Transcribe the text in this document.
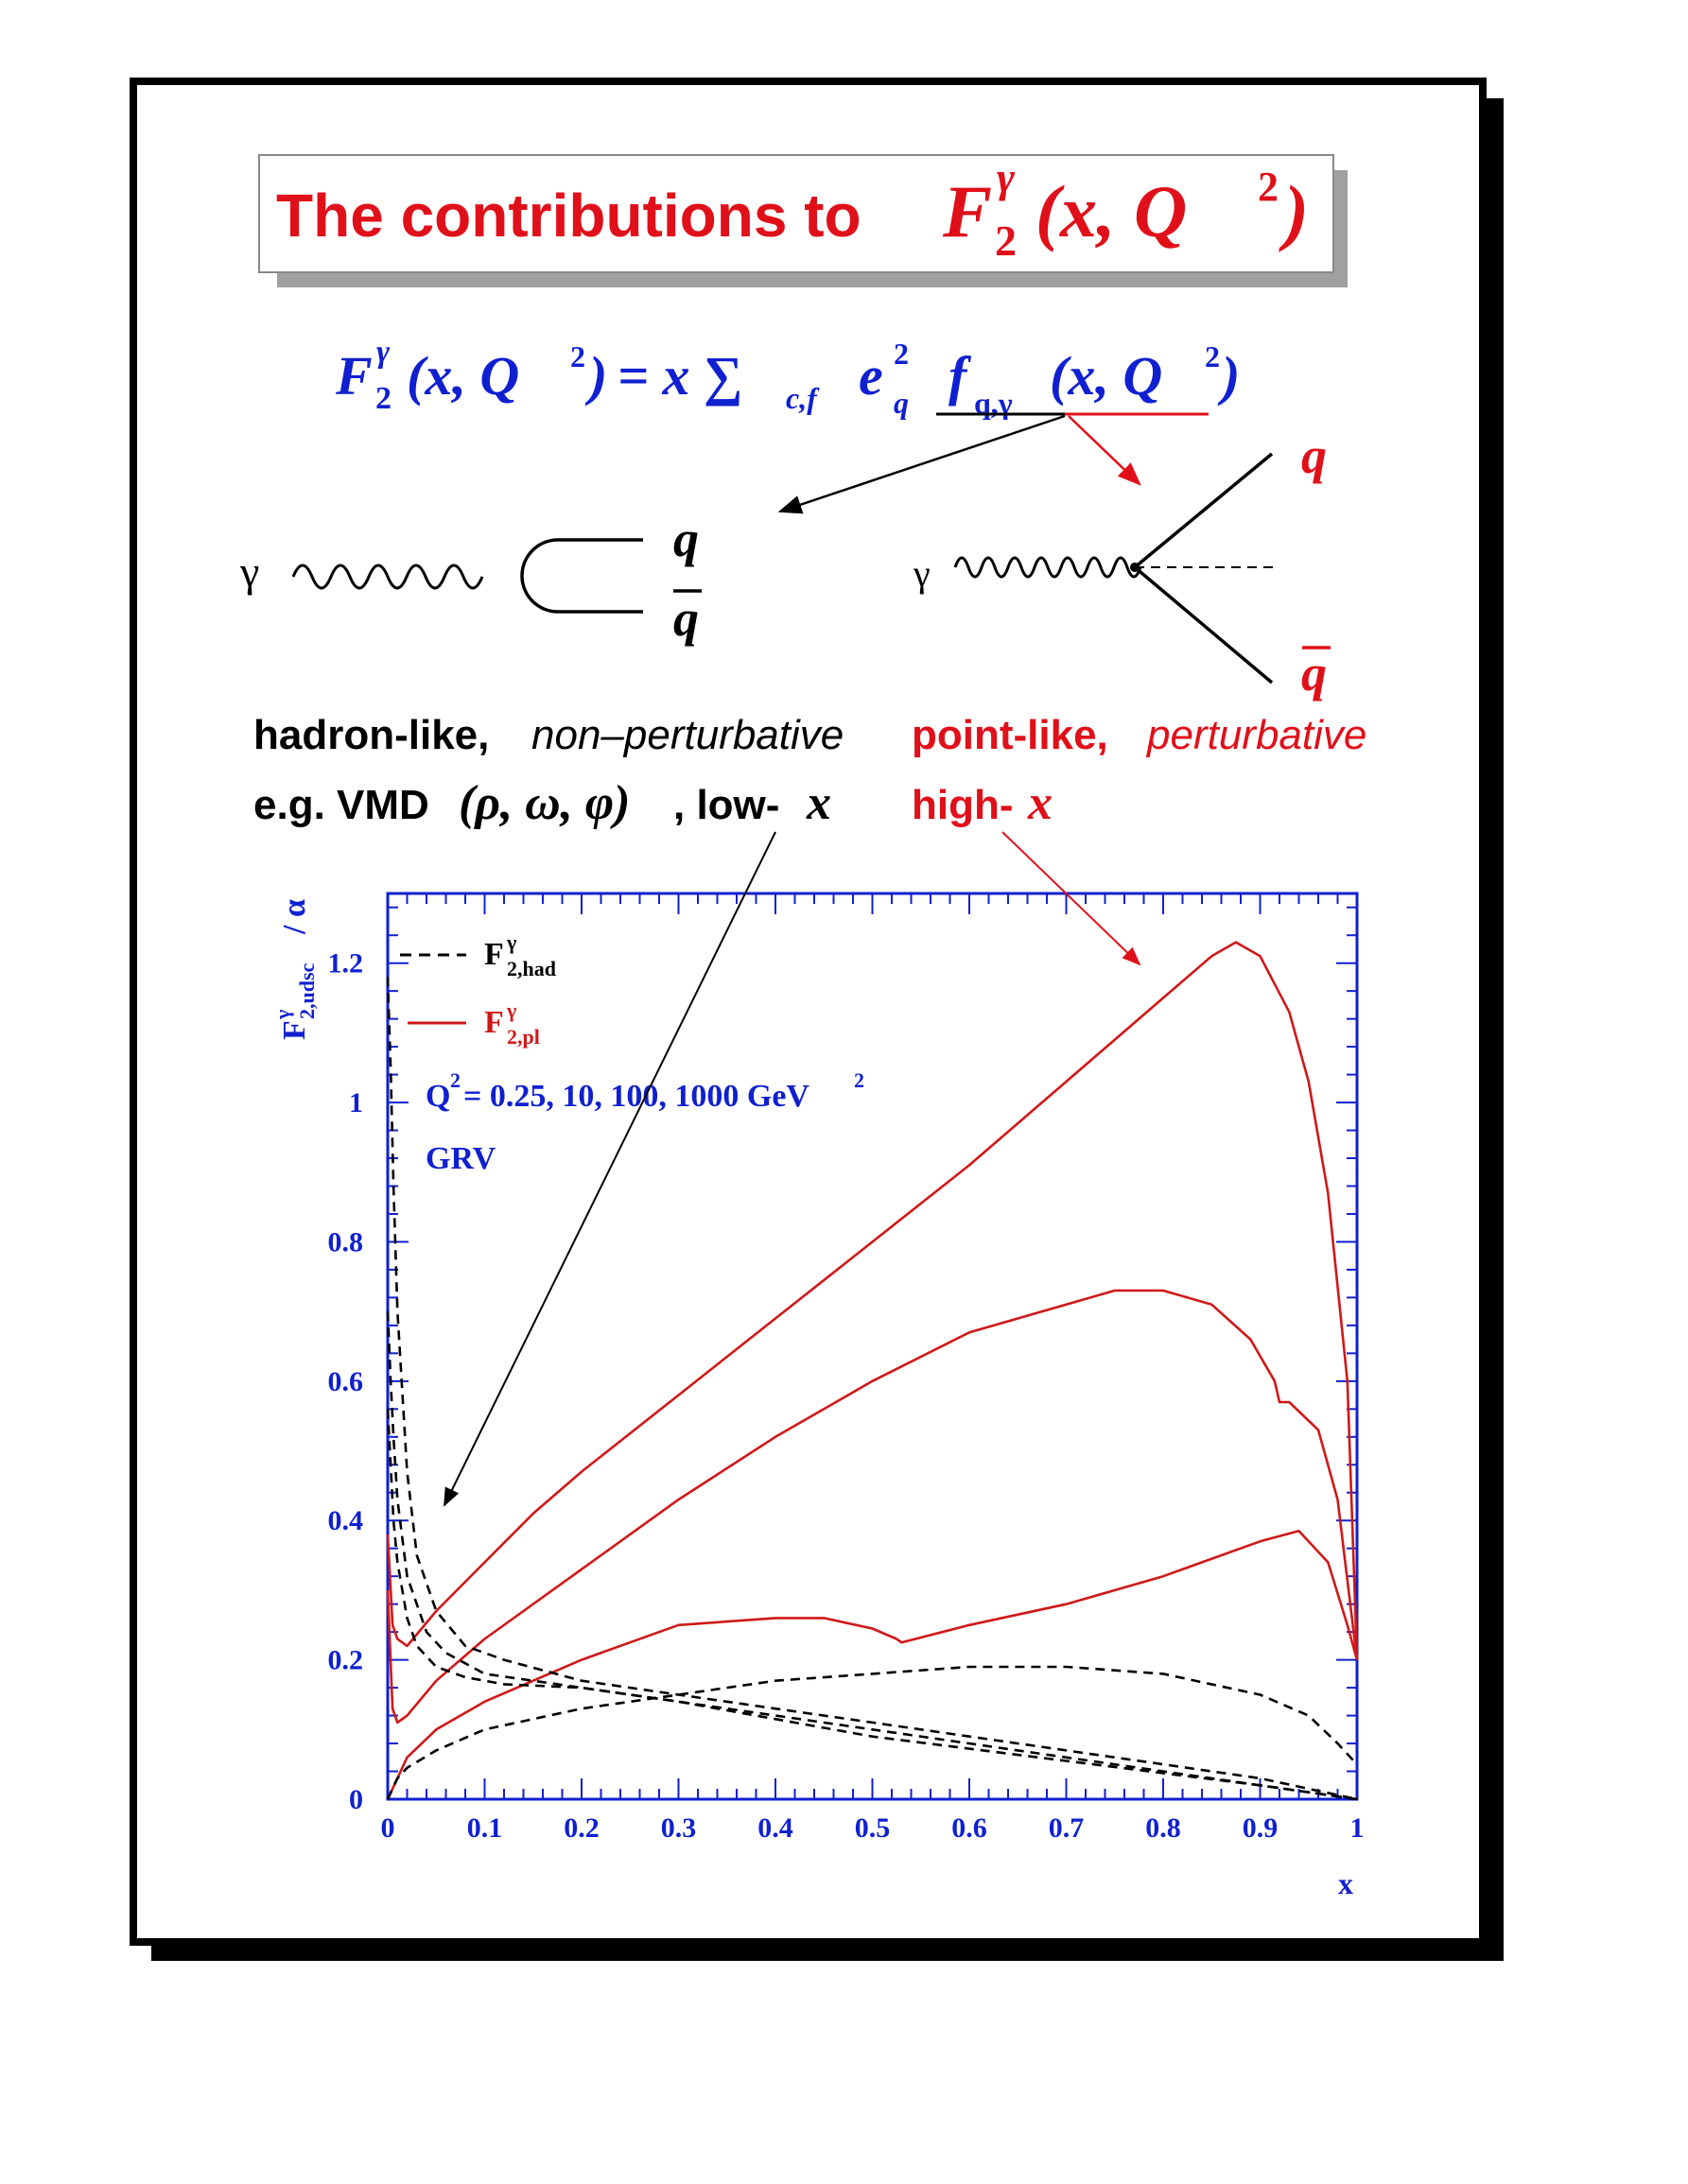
The contributions to F γ
2 (x, Q 2 )
F γ
2 (x, Q 2 ) = x ∑ c,f e 2
q f q,γ (x, Q 2 )
γ
q
q
γ
q
q
hadron-like, non–perturbative
e.g. VMD (ρ, ω, φ) , low- x
point-like, perturbative
high- x
0	0.1 0.2 0.3 0.4 0.5 0.6 0.7 0.8 0.9	1
0
0.2
0.4
0.6
0.8
1
1.2
x
F
γ 2,udsc
/ α
F γ
2,had
F γ
2,pl
Q 2 = 0.25, 10, 100, 1000 GeV 2
GRV
